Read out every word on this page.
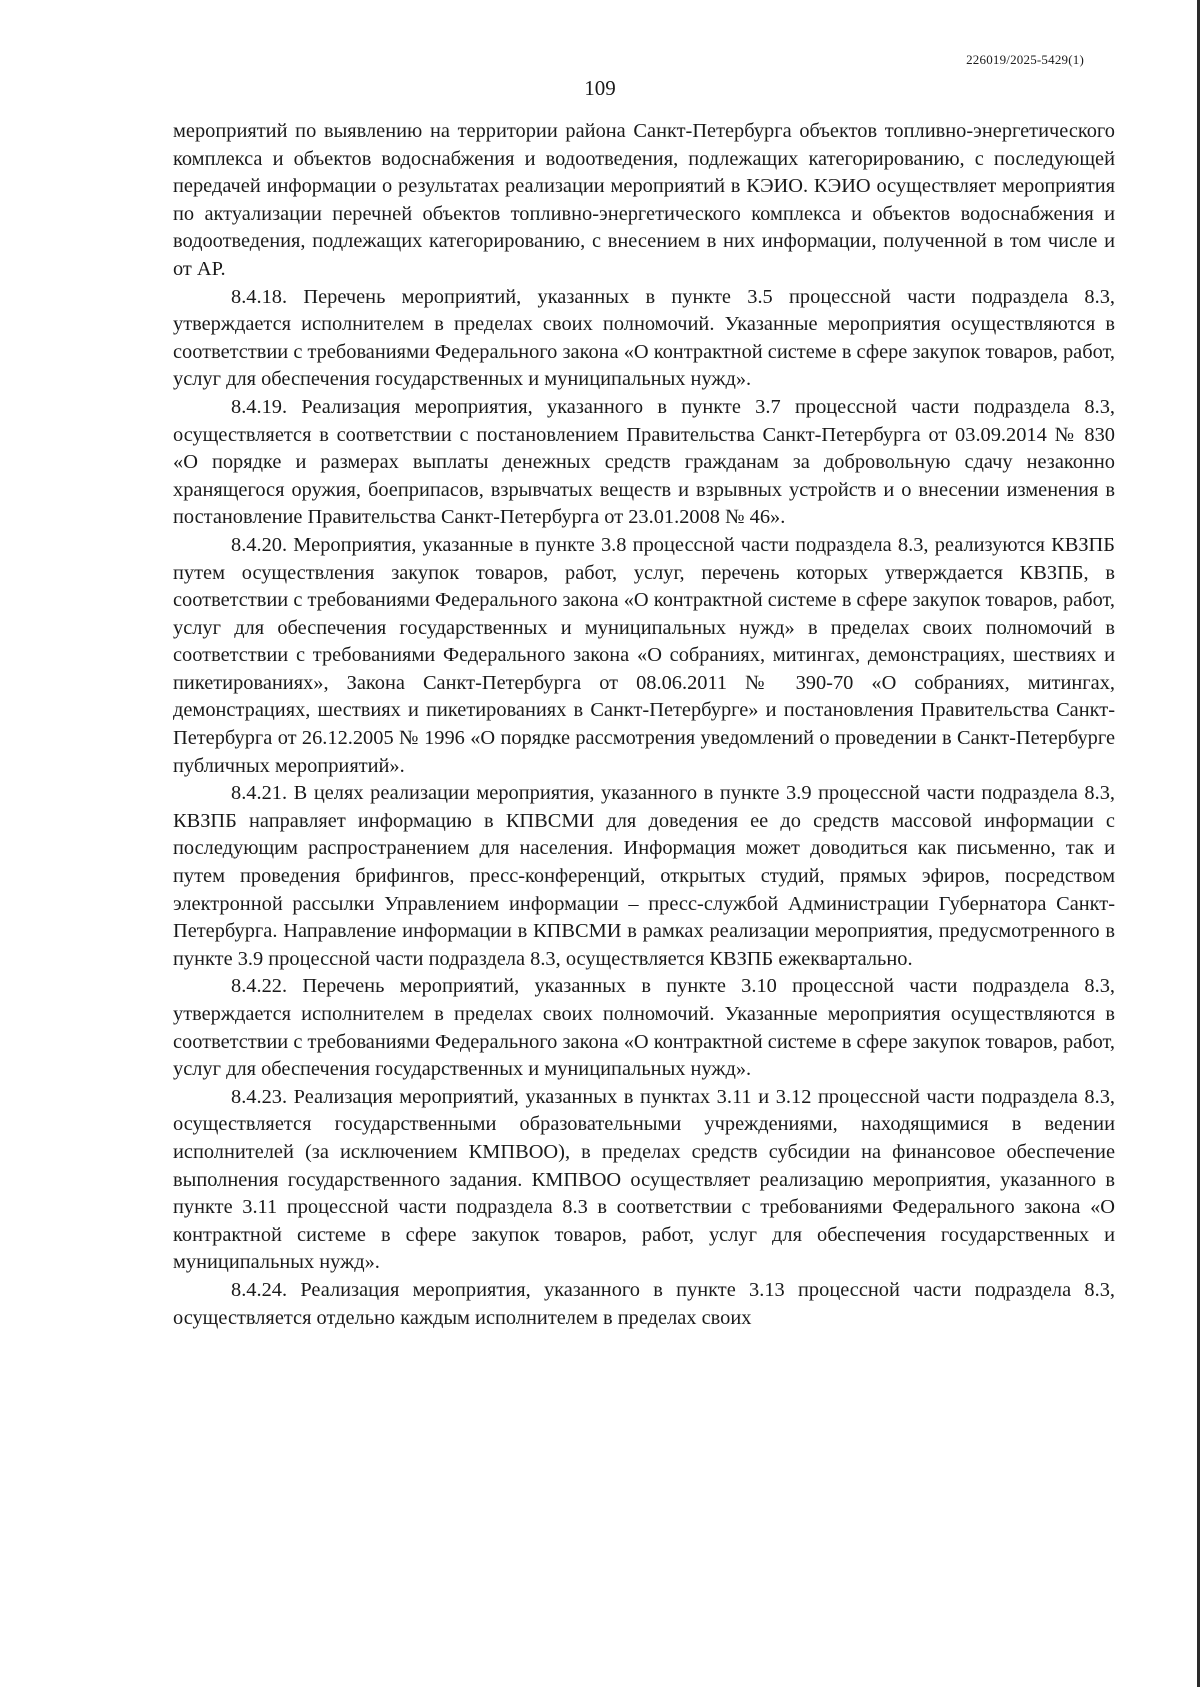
226019/2025-5429(1)
109

мероприятий по выявлению на территории района Санкт-Петербурга объектов топливно-энергетического комплекса и объектов водоснабжения и водоотведения, подлежащих категорированию, с последующей передачей информации о результатах реализации мероприятий в КЭИО. КЭИО осуществляет мероприятия по актуализации перечней объектов топливно-энергетического комплекса и объектов водоснабжения и водоотведения, подлежащих категорированию, с внесением в них информации, полученной в том числе и от АР.

8.4.18. Перечень мероприятий, указанных в пункте 3.5 процессной части подраздела 8.3, утверждается исполнителем в пределах своих полномочий. Указанные мероприятия осуществляются в соответствии с требованиями Федерального закона «О контрактной системе в сфере закупок товаров, работ, услуг для обеспечения государственных и муниципальных нужд».

8.4.19. Реализация мероприятия, указанного в пункте 3.7 процессной части подраздела 8.3, осуществляется в соответствии с постановлением Правительства Санкт-Петербурга от 03.09.2014 № 830 «О порядке и размерах выплаты денежных средств гражданам за добровольную сдачу незаконно хранящегося оружия, боеприпасов, взрывчатых веществ и взрывных устройств и о внесении изменения в постановление Правительства Санкт-Петербурга от 23.01.2008 № 46».

8.4.20. Мероприятия, указанные в пункте 3.8 процессной части подраздела 8.3, реализуются КВЗПБ путем осуществления закупок товаров, работ, услуг, перечень которых утверждается КВЗПБ, в соответствии с требованиями Федерального закона «О контрактной системе в сфере закупок товаров, работ, услуг для обеспечения государственных и муниципальных нужд» в пределах своих полномочий в соответствии с требованиями Федерального закона «О собраниях, митингах, демонстрациях, шествиях и пикетированиях», Закона Санкт-Петербурга от 08.06.2011 № 390-70 «О собраниях, митингах, демонстрациях, шествиях и пикетированиях в Санкт-Петербурге» и постановления Правительства Санкт-Петербурга от 26.12.2005 № 1996 «О порядке рассмотрения уведомлений о проведении в Санкт-Петербурге публичных мероприятий».

8.4.21. В целях реализации мероприятия, указанного в пункте 3.9 процессной части подраздела 8.3, КВЗПБ направляет информацию в КПВСМИ для доведения ее до средств массовой информации с последующим распространением для населения. Информация может доводиться как письменно, так и путем проведения брифингов, пресс-конференций, открытых студий, прямых эфиров, посредством электронной рассылки Управлением информации – пресс-службой Администрации Губернатора Санкт-Петербурга. Направление информации в КПВСМИ в рамках реализации мероприятия, предусмотренного в пункте 3.9 процессной части подраздела 8.3, осуществляется КВЗПБ ежеквартально.

8.4.22. Перечень мероприятий, указанных в пункте 3.10 процессной части подраздела 8.3, утверждается исполнителем в пределах своих полномочий. Указанные мероприятия осуществляются в соответствии с требованиями Федерального закона «О контрактной системе в сфере закупок товаров, работ, услуг для обеспечения государственных и муниципальных нужд».

8.4.23. Реализация мероприятий, указанных в пунктах 3.11 и 3.12 процессной части подраздела 8.3, осуществляется государственными образовательными учреждениями, находящимися в ведении исполнителей (за исключением КМПВОО), в пределах средств субсидии на финансовое обеспечение выполнения государственного задания. КМПВОО осуществляет реализацию мероприятия, указанного в пункте 3.11 процессной части подраздела 8.3 в соответствии с требованиями Федерального закона «О контрактной системе в сфере закупок товаров, работ, услуг для обеспечения государственных и муниципальных нужд».

8.4.24. Реализация мероприятия, указанного в пункте 3.13 процессной части подраздела 8.3, осуществляется отдельно каждым исполнителем в пределах своих
